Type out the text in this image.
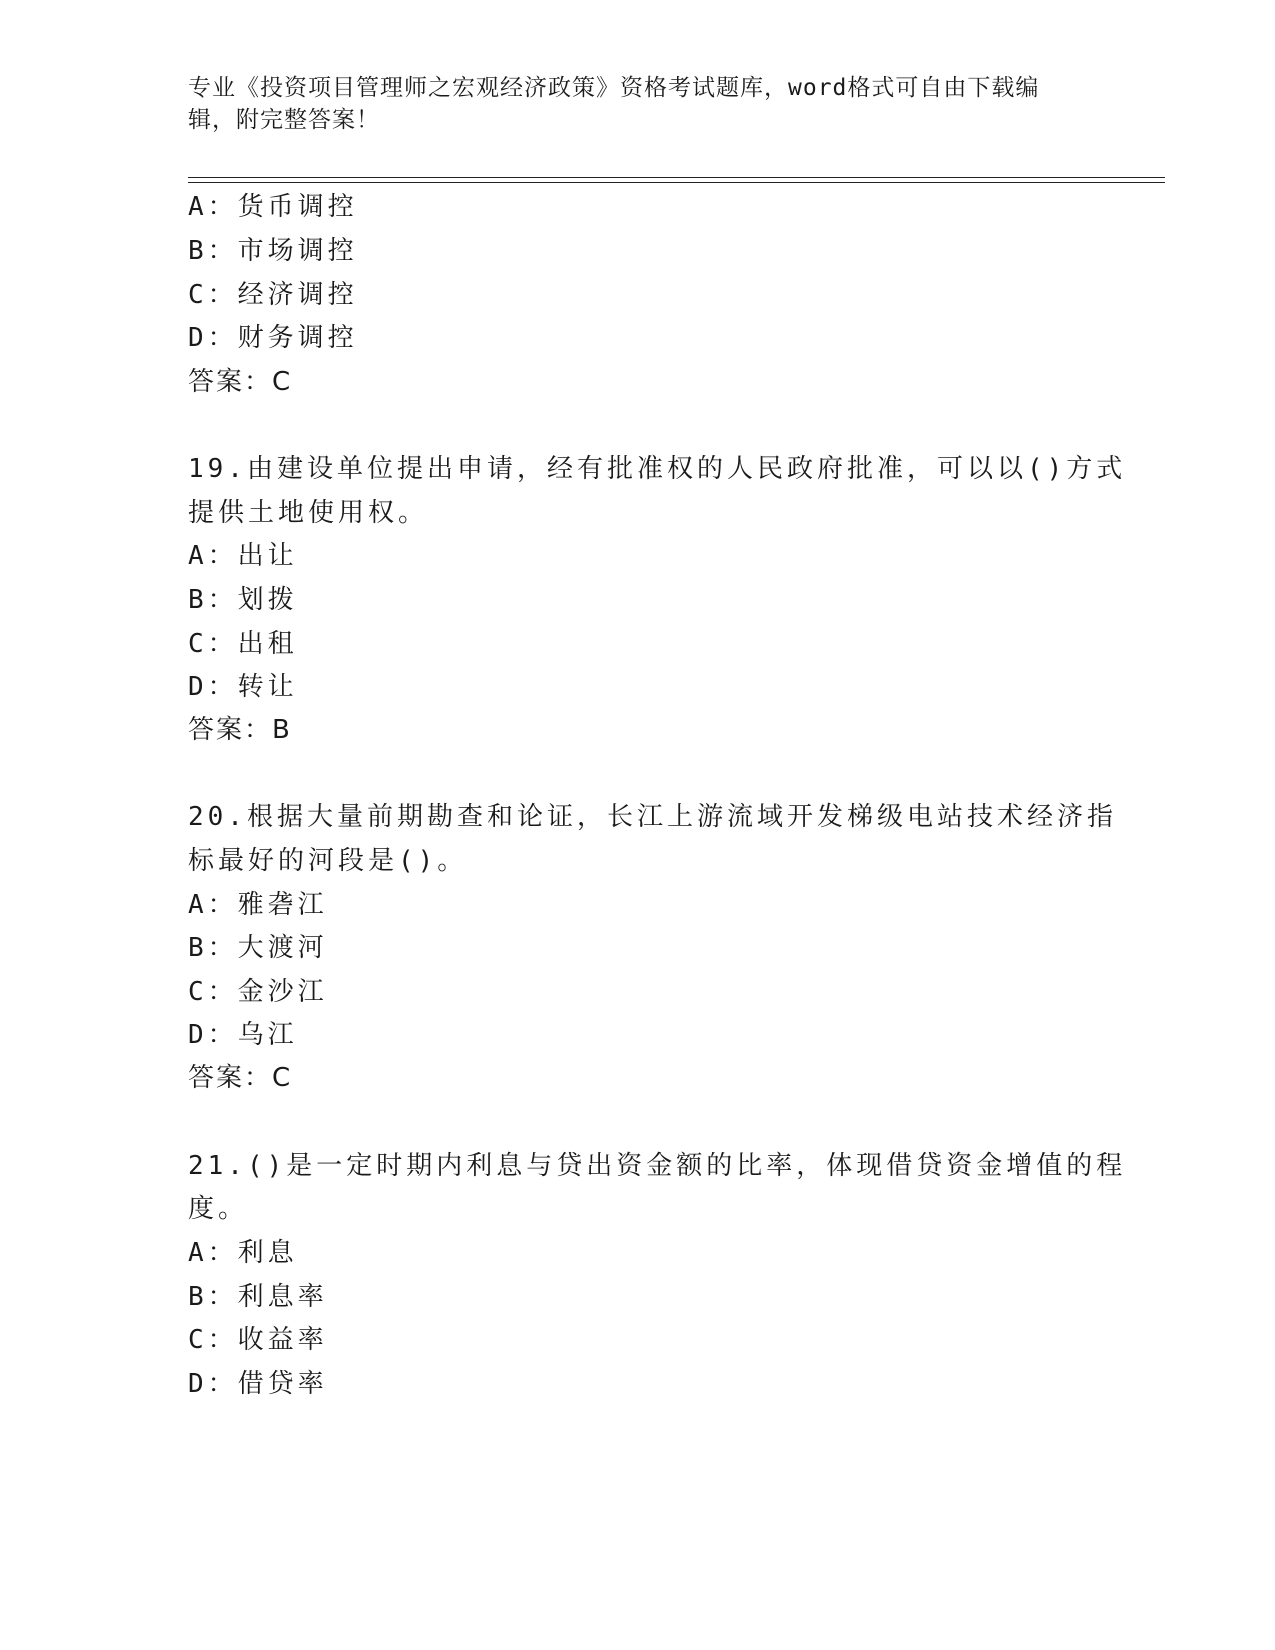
专业《投资项目管理师之宏观经济政策》资格考试题库，word格式可自由下载编
辑，附完整答案！
A：货币调控
B：市场调控
C：经济调控
D：财务调控
答案：C
19.由建设单位提出申请，经有批准权的人民政府批准，可以以()方式
提供土地使用权。
A：出让
B：划拨
C：出租
D：转让
答案：B
20.根据大量前期勘查和论证，长江上游流域开发梯级电站技术经济指
标最好的河段是()。
A：雅砻江
B：大渡河
C：金沙江
D：乌江
答案：C
21.()是一定时期内利息与贷出资金额的比率，体现借贷资金增值的程
度。
A：利息
B：利息率
C：收益率
D：借贷率
